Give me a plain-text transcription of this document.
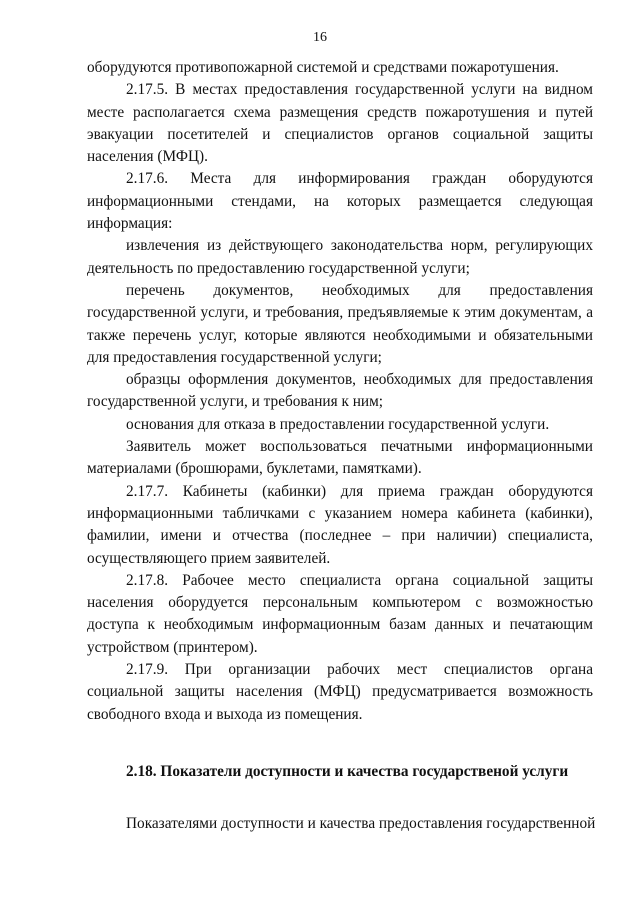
16

оборудуются противопожарной системой и средствами пожаротушения.

2.17.5. В местах предоставления государственной услуги на видном месте располагается схема размещения средств пожаротушения и путей эвакуации посетителей и специалистов органов социальной защиты населения (МФЦ).

2.17.6. Места для информирования граждан оборудуются информационными стендами, на которых размещается следующая информация:

извлечения из действующего законодательства норм, регулирующих деятельность по предоставлению государственной услуги;

перечень документов, необходимых для предоставления государственной услуги, и требования, предъявляемые к этим документам, а также перечень услуг, которые являются необходимыми и обязательными для предоставления государственной услуги;

образцы оформления документов, необходимых для предоставления государственной услуги, и требования к ним;

основания для отказа в предоставлении государственной услуги.

Заявитель может воспользоваться печатными информационными материалами (брошюрами, буклетами, памятками).

2.17.7. Кабинеты (кабинки) для приема граждан оборудуются информационными табличками с указанием номера кабинета (кабинки), фамилии, имени и отчества (последнее – при наличии) специалиста, осуществляющего прием заявителей.

2.17.8. Рабочее место специалиста органа социальной защиты населения оборудуется персональным компьютером с возможностью доступа к необходимым информационным базам данных и печатающим устройством (принтером).

2.17.9. При организации рабочих мест специалистов органа социальной защиты населения (МФЦ) предусматривается возможность свободного входа и выхода из помещения.

2.18. Показатели доступности и качества государственой услуги

Показателями доступности и качества предоставления государственной
